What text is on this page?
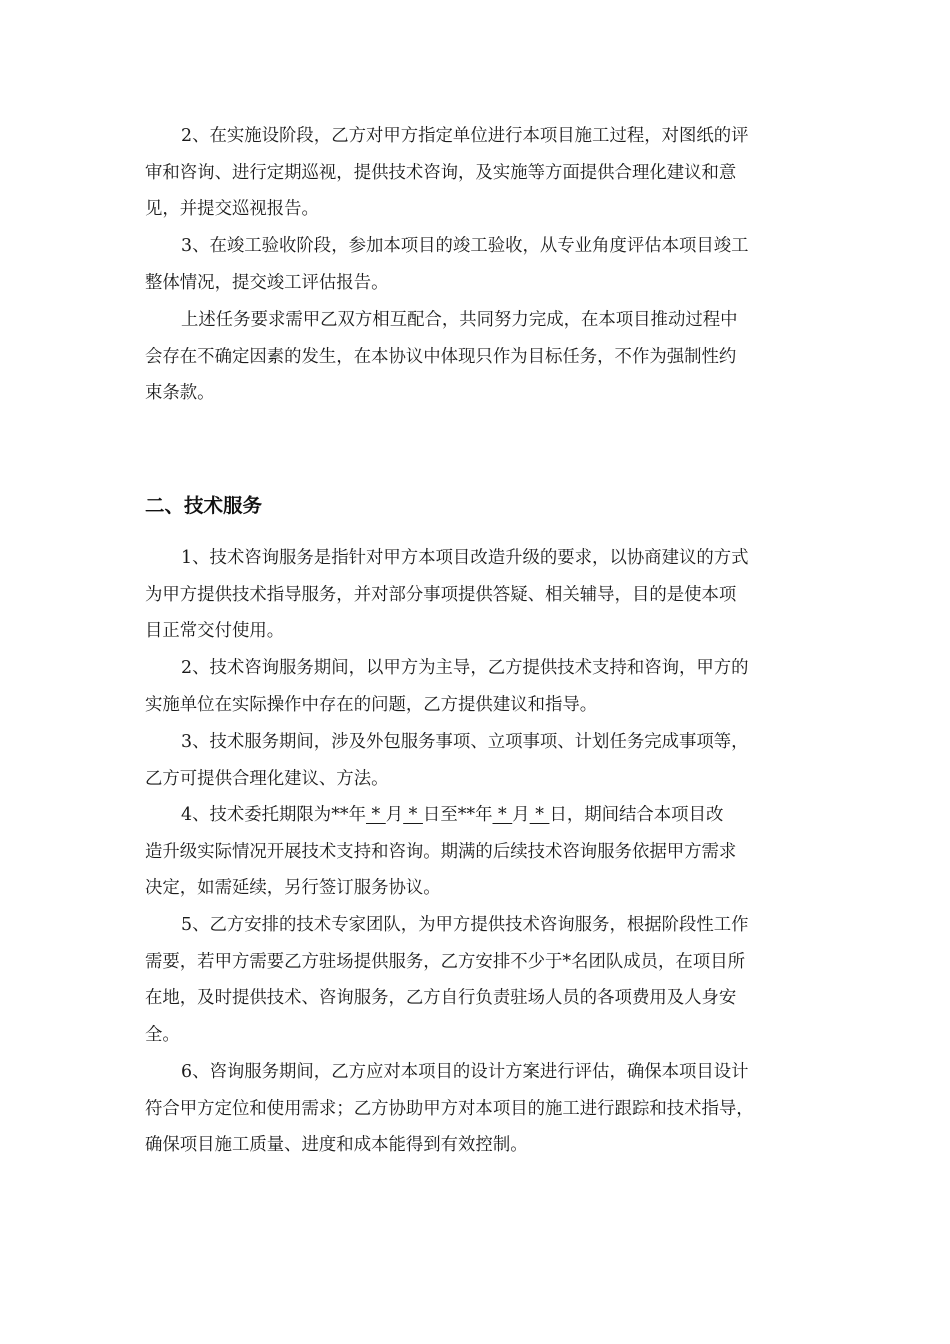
2、在实施设阶段，乙方对甲方指定单位进行本项目施工过程，对图纸的评
审和咨询、进行定期巡视，提供技术咨询，及实施等方面提供合理化建议和意
见，并提交巡视报告。

3、在竣工验收阶段，参加本项目的竣工验收，从专业角度评估本项目竣工
整体情况，提交竣工评估报告。

上述任务要求需甲乙双方相互配合，共同努力完成，在本项目推动过程中
会存在不确定因素的发生，在本协议中体现只作为目标任务，不作为强制性约
束条款。

二、技术服务

1、技术咨询服务是指针对甲方本项目改造升级的要求，以协商建议的方式
为甲方提供技术指导服务，并对部分事项提供答疑、相关辅导，目的是使本项
目正常交付使用。

2、技术咨询服务期间，以甲方为主导，乙方提供技术支持和咨询，甲方的
实施单位在实际操作中存在的问题，乙方提供建议和指导。

3、技术服务期间，涉及外包服务事项、立项事项、计划任务完成事项等，
乙方可提供合理化建议、方法。

4、技术委托期限为**年 * 月 * 日至**年 * 月 * 日，期间结合本项目改
造升级实际情况开展技术支持和咨询。期满的后续技术咨询服务依据甲方需求
决定，如需延续，另行签订服务协议。

5、乙方安排的技术专家团队，为甲方提供技术咨询服务，根据阶段性工作
需要，若甲方需要乙方驻场提供服务，乙方安排不少于*名团队成员，在项目所
在地，及时提供技术、咨询服务，乙方自行负责驻场人员的各项费用及人身安
全。

6、咨询服务期间，乙方应对本项目的设计方案进行评估，确保本项目设计
符合甲方定位和使用需求；乙方协助甲方对本项目的施工进行跟踪和技术指导，
确保项目施工质量、进度和成本能得到有效控制。
